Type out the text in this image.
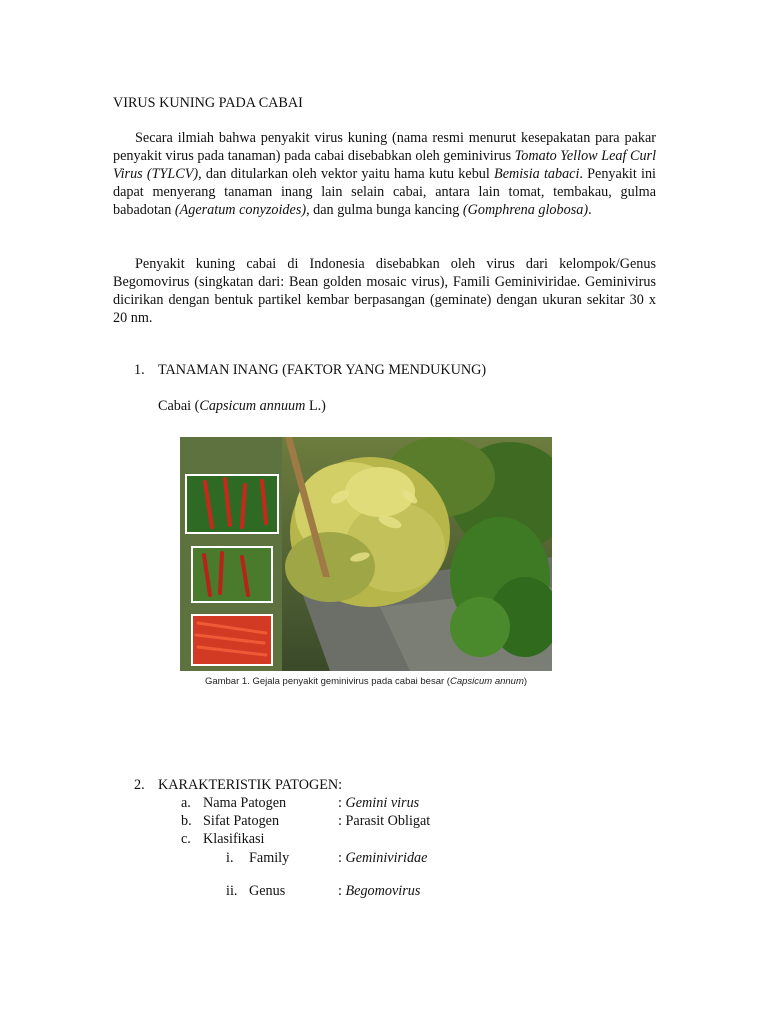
VIRUS KUNING PADA CABAI
Secara ilmiah bahwa penyakit virus kuning (nama resmi menurut kesepakatan para pakar penyakit virus pada tanaman) pada cabai disebabkan oleh geminivirus Tomato Yellow Leaf Curl Virus (TYLCV), dan ditularkan oleh vektor yaitu hama kutu kebul Bemisia tabaci. Penyakit ini dapat menyerang tanaman inang lain selain cabai, antara lain tomat, tembakau, gulma babadotan (Ageratum conyzoides), dan gulma bunga kancing (Gomphrena globosa).
Penyakit kuning cabai di Indonesia disebabkan oleh virus dari kelompok/Genus Begomovirus (singkatan dari: Bean golden mosaic virus), Famili Geminiviridae. Geminivirus dicirikan dengan bentuk partikel kembar berpasangan (geminate) dengan ukuran sekitar 30 x 20 nm.
1. TANAMAN INANG (FAKTOR YANG MENDUKUNG)
Cabai (Capsicum annuum L.)
Gambar 1. Gejala penyakit geminivirus pada cabai besar (Capsicum annum)
2. KARAKTERISTIK PATOGEN:
a. Nama Patogen	: Gemini virus
b. Sifat Patogen	: Parasit Obligat
c. Klasifikasi
i. Family	: Geminiviridae
ii. Genus	: Begomovirus
